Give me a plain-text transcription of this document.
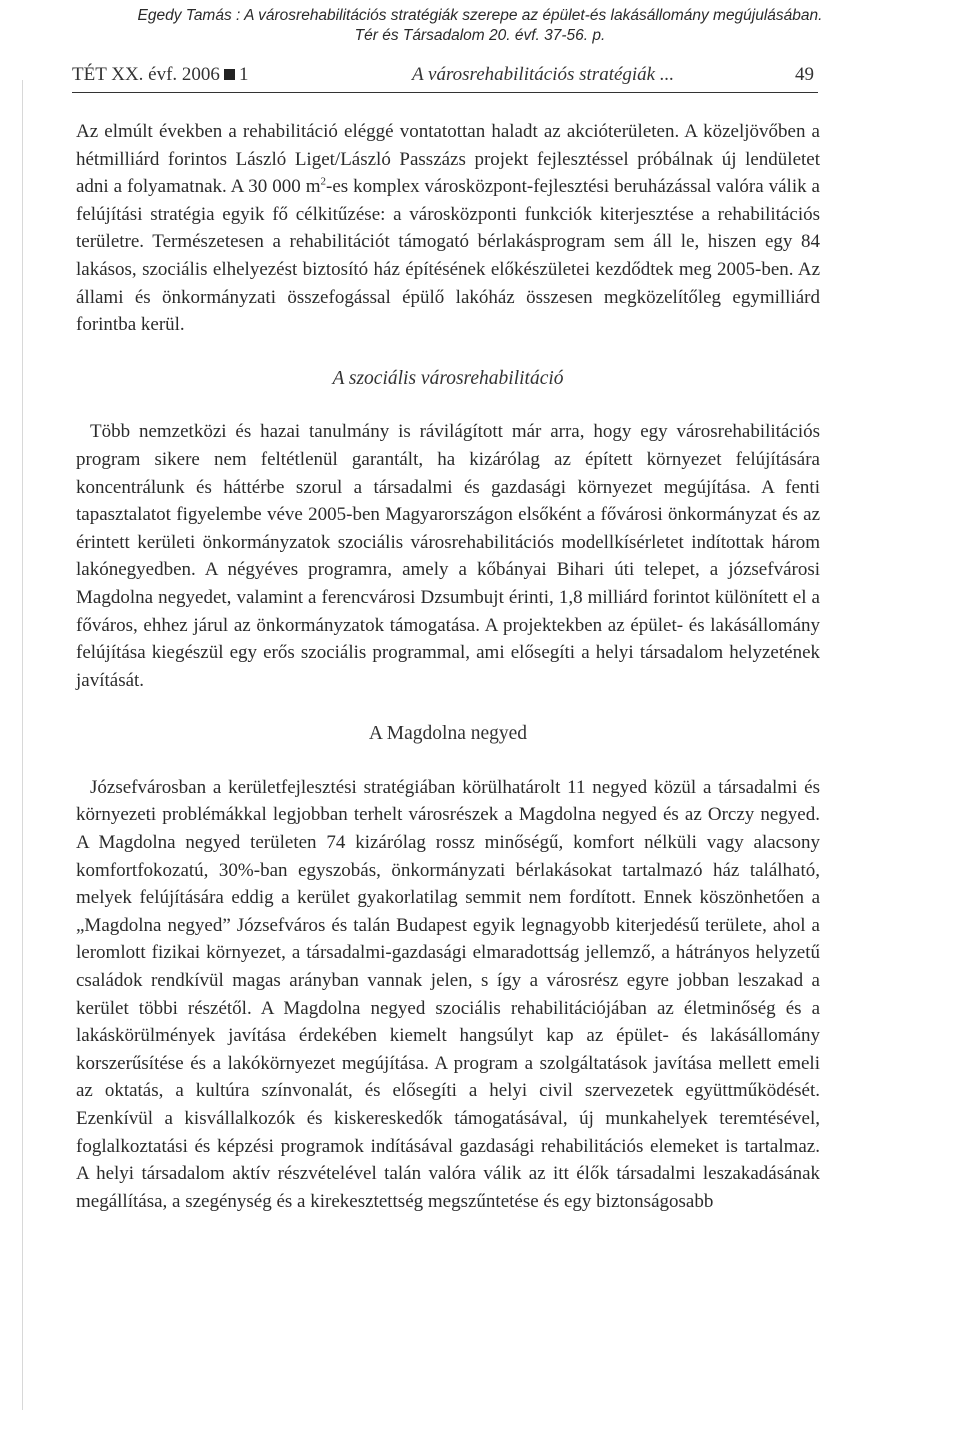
Egedy Tamás : A városrehabilitációs stratégiák szerepe az épület-és lakásállomány megújulásában.
Tér és Társadalom 20. évf. 37-56. p.
TÉT XX. évf. 2006 1	A városrehabilitációs stratégiák ...	49

Az elmúlt években a rehabilitáció eléggé vontatottan haladt az akcióterületen. A közeljövőben a hétmilliárd forintos László Liget/László Passzázs projekt fejlesztéssel próbálnak új lendületet adni a folyamatnak. A 30 000 $m^2-es$ komplex városközpont-fejlesztési beruházással valóra válik a felújítási stratégia egyik fő célkitűzése: a városközponti funkciók kiterjesztése a rehabilitációs területre. Természetesen a rehabilitációt támogató bérlakásprogram sem áll le, hiszen egy 84 lakásos, szociális elhelyezést biztosító ház építésének előkészületei kezdődtek meg 2005-ben. Az állami és önkormányzati összefogással épülő lakóház összesen megközelítőleg egymilliárd forintba kerül.

A szociális városrehabilitáció

Több nemzetközi és hazai tanulmány is rávilágított már arra, hogy egy városrehabilitációs program sikere nem feltétlenül garantált, ha kizárólag az épített környezet felújítására koncentrálunk és háttérbe szorul a társadalmi és gazdasági környezet megújítása. A fenti tapasztalatot figyelembe véve 2005-ben Magyarországon elsőként a fővárosi önkormányzat és az érintett kerületi önkormányzatok szociális városrehabilitációs modellkísérletet indítottak három lakónegyedben. A négyéves programra, amely a kőbányai Bihari úti telepet, a józsefvárosi Magdolna negyedet, valamint a ferencvárosi Dzsumbujt érinti, 1,8 milliárd forintot különített el a főváros, ehhez járul az önkormányzatok támogatása. A projektekben az épület- és lakásállomány felújítása kiegészül egy erős szociális programmal, ami elősegíti a helyi társadalom helyzetének javítását.

A Magdolna negyed

Józsefvárosban a kerületfejlesztési stratégiában körülhatárolt 11 negyed közül a társadalmi és környezeti problémákkal legjobban terhelt városrészek a Magdolna negyed és az Orczy negyed. A Magdolna negyed területen 74 kizárólag rossz minőségű, komfort nélküli vagy alacsony komfortfokozatú, 30%-ban egyszobás, önkormányzati bérlakásokat tartalmazó ház található, melyek felújítására eddig a kerület gyakorlatilag semmit nem fordított. Ennek köszönhetően a „Magdolna negyed” Józsefváros és talán Budapest egyik legnagyobb kiterjedésű területe, ahol a leromlott fizikai környezet, a társadalmi-gazdasági elmaradottság jellemző, a hátrányos helyzetű családok rendkívül magas arányban vannak jelen, s így a városrész egyre jobban leszakad a kerület többi részétől. A Magdolna negyed szociális rehabilitációjában az életminőség és a lakáskörülmények javítása érdekében kiemelt hangsúlyt kap az épület- és lakásállomány korszerűsítése és a lakókörnyezet megújítása. A program a szolgáltatások javítása mellett emeli az oktatás, a kultúra színvonalát, és elősegíti a helyi civil szervezetek együttműködését. Ezenkívül a kisvállalkozók és kiskereskedők támogatásával, új munkahelyek teremtésével, foglalkoztatási és képzési programok indításával gazdasági rehabilitációs elemeket is tartalmaz. A helyi társadalom aktív részvételével talán valóra válik az itt élők társadalmi leszakadásának megállítása, a szegénység és a kirekesztettség megszűntetése és egy biztonságosabb
